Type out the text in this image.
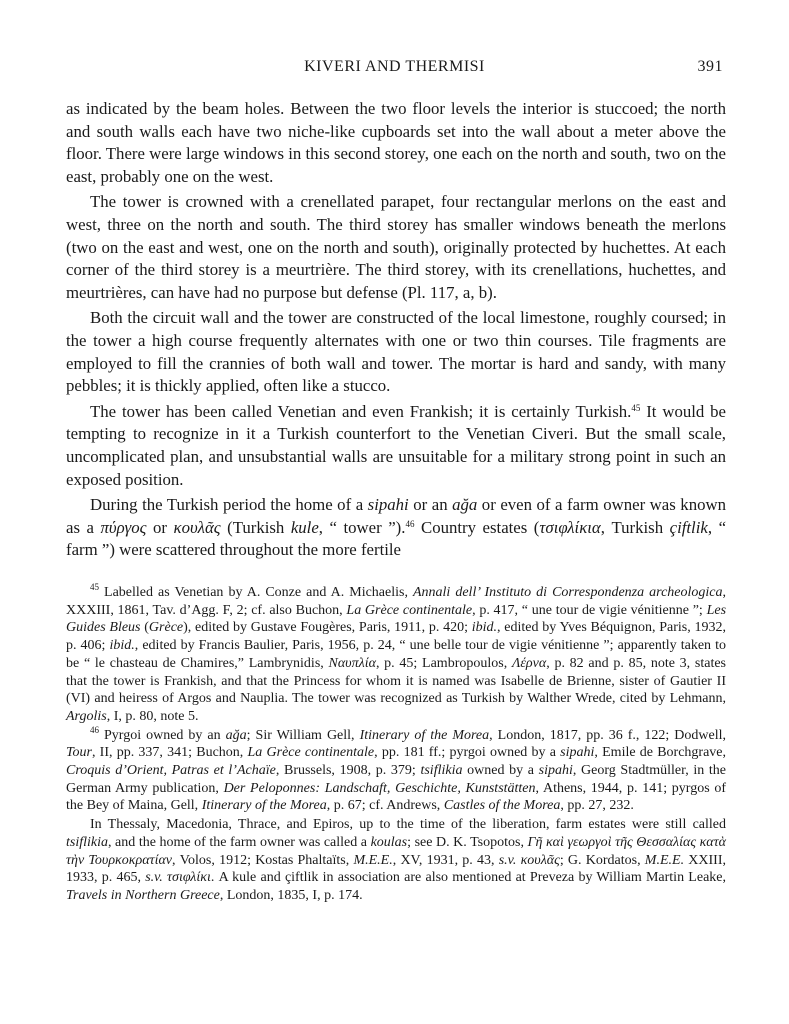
KIVERI AND THERMISI	391

as indicated by the beam holes. Between the two floor levels the interior is stuccoed; the north and south walls each have two niche-like cupboards set into the wall about a meter above the floor. There were large windows in this second storey, one each on the north and south, two on the east, probably one on the west.

The tower is crowned with a crenellated parapet, four rectangular merlons on the east and west, three on the north and south. The third storey has smaller windows beneath the merlons (two on the east and west, one on the north and south), originally protected by huchettes. At each corner of the third storey is a meurtrière. The third storey, with its crenellations, huchettes, and meurtrières, can have had no purpose but defense (Pl. 117, a, b).

Both the circuit wall and the tower are constructed of the local limestone, roughly coursed; in the tower a high course frequently alternates with one or two thin courses. Tile fragments are employed to fill the crannies of both wall and tower. The mortar is hard and sandy, with many pebbles; it is thickly applied, often like a stucco.

The tower has been called Venetian and even Frankish; it is certainly Turkish.$^{45}$ It would be tempting to recognize in it a Turkish counterfort to the Venetian Civeri. But the small scale, uncomplicated plan, and unsubstantial walls are unsuitable for a military strong point in such an exposed position.

During the Turkish period the home of a sipahi or an ağa or even of a farm owner was known as a πύργος or κουλᾶς (Turkish kule, “ tower ”).$^{46}$ Country estates (τσιφλίκια, Turkish çiftlik, “ farm ”) were scattered throughout the more fertile

$^{45}$ Labelled as Venetian by A. Conze and A. Michaelis, Annali dell’ Instituto di Correspondenza archeologica, XXXIII, 1861, Tav. d’Agg. F, 2; cf. also Buchon, La Grèce continentale, p. 417, “ une tour de vigie vénitienne ”; Les Guides Bleus (Grèce), edited by Gustave Fougères, Paris, 1911, p. 420; ibid., edited by Yves Béquignon, Paris, 1932, p. 406; ibid., edited by Francis Baulier, Paris, 1956, p. 24, “ une belle tour de vigie vénitienne ”; apparently taken to be “ le chasteau de Chamires,” Lambrynidis, Ναυπλία, p. 45; Lambropoulos, Λέρνα, p. 82 and p. 85, note 3, states that the tower is Frankish, and that the Princess for whom it is named was Isabelle de Brienne, sister of Gautier II (VI) and heiress of Argos and Nauplia. The tower was recognized as Turkish by Walther Wrede, cited by Lehmann, Argolis, I, p. 80, note 5.

$^{46}$ Pyrgoi owned by an ağa; Sir William Gell, Itinerary of the Morea, London, 1817, pp. 36 f., 122; Dodwell, Tour, II, pp. 337, 341; Buchon, La Grèce continentale, pp. 181 ff.; pyrgoi owned by a sipahi, Emile de Borchgrave, Croquis d’Orient, Patras et l’Achaïe, Brussels, 1908, p. 379; tsiflikia owned by a sipahi, Georg Stadtmüller, in the German Army publication, Der Peloponnes: Landschaft, Geschichte, Kunststätten, Athens, 1944, p. 141; pyrgos of the Bey of Maina, Gell, Itinerary of the Morea, p. 67; cf. Andrews, Castles of the Morea, pp. 27, 232.

In Thessaly, Macedonia, Thrace, and Epiros, up to the time of the liberation, farm estates were still called tsiflikia, and the home of the farm owner was called a koulas; see D. K. Tsopotos, Γῆ καὶ γεωργοὶ τῆς Θεσσαλίας κατὰ τὴν Τουρκοκρατίαν, Volos, 1912; Kostas Phaltaïts, M.E.E., XV, 1931, p. 43, s.v. κουλᾶς; G. Kordatos, M.E.E. XXIII, 1933, p. 465, s.v. τσιφλίκι. A kule and çiftlik in association are also mentioned at Preveza by William Martin Leake, Travels in Northern Greece, London, 1835, I, p. 174.
